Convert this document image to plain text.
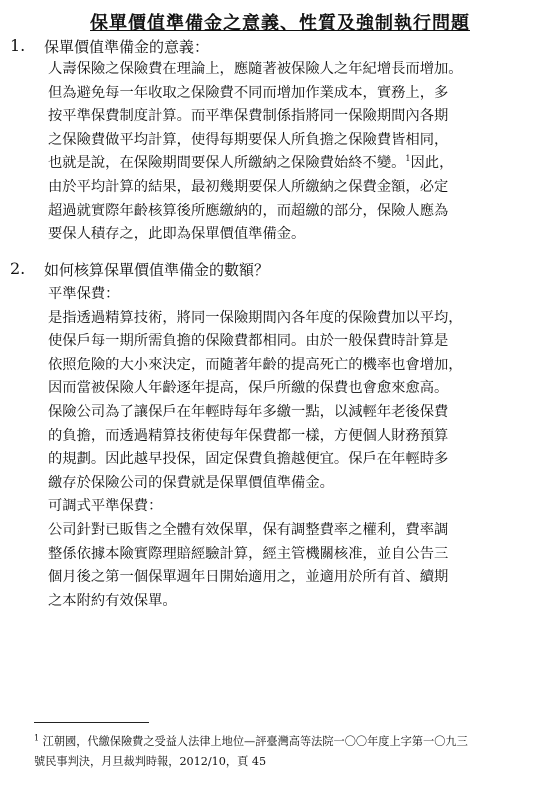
保單價值準備金之意義、性質及強制執行問題
1. 保單價值準備金的意義：
人壽保險之保險費在理論上，應隨著被保險人之年紀增長而增加。
但為避免每一年收取之保險費不同而增加作業成本，實務上，多
按平準保費制度計算。而平準保費制係指將同一保險期間內各期
之保險費做平均計算，使得每期要保人所負擔之保險費皆相同，
也就是說，在保險期間要保人所繳納之保險費始終不變。$^1$因此，
由於平均計算的結果，最初幾期要保人所繳納之保費金額，必定
超過就實際年齡核算後所應繳納的，而超繳的部分，保險人應為
要保人積存之，此即為保單價值準備金。
2. 如何核算保單價值準備金的數額？
平準保費：
是指透過精算技術，將同一保險期間內各年度的保險費加以平均，
使保戶每一期所需負擔的保險費都相同。由於一般保費時計算是
依照危險的大小來決定，而隨著年齡的提高死亡的機率也會增加，
因而當被保險人年齡逐年提高，保戶所繳的保費也會愈來愈高。
保險公司為了讓保戶在年輕時每年多繳一點，以減輕年老後保費
的負擔，而透過精算技術使每年保費都一樣，方便個人財務預算
的規劃。因此越早投保，固定保費負擔越便宜。保戶在年輕時多
繳存於保險公司的保費就是保單價值準備金。
可調式平準保費：
公司針對已販售之全體有效保單，保有調整費率之權利，費率調
整係依據本險實際理賠經驗計算，經主管機關核准，並自公告三
個月後之第一個保單週年日開始適用之，並適用於所有首、續期
之本附約有效保單。
$^1$ 江朝國，代繳保險費之受益人法律上地位—評臺灣高等法院一〇〇年度上字第一〇九三
號民事判決，月旦裁判時報，2012/10，頁 45
